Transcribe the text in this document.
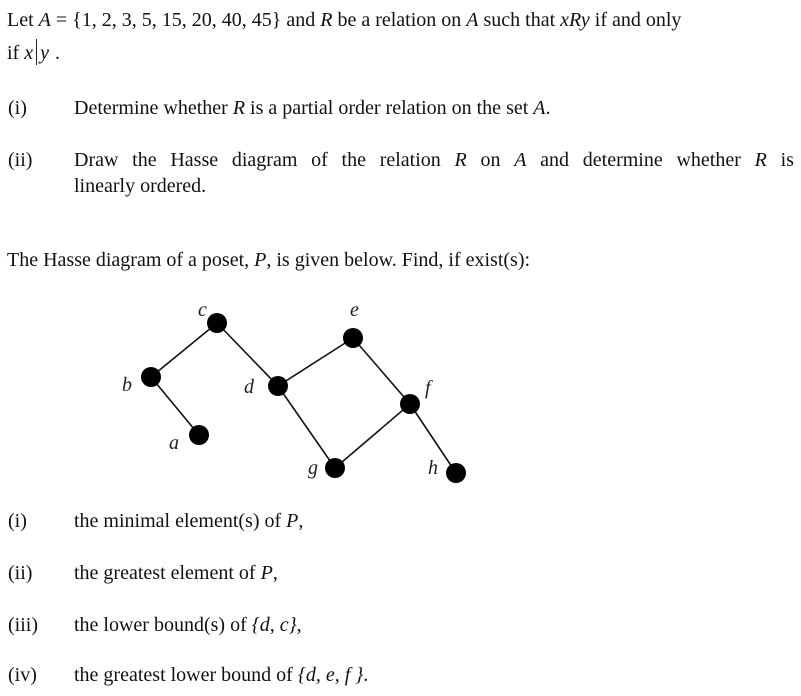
Let A = {1, 2, 3, 5, 15, 20, 40, 45} and R be a relation on A such that xRy if and only
if x y .
(i) Determine whether R is a partial order relation on the set A.
(ii) Draw the Hasse diagram of the relation R on A and determine whether R is
linearly ordered.
The Hasse diagram of a poset, P, is given below. Find, if exist(s):
a
b
c
d
e
f
g	h
(i) the minimal element(s) of P,
(ii) the greatest element of P,
(iii) the lower bound(s) of {d, c},
(iv) the greatest lower bound of {d, e, f }.
